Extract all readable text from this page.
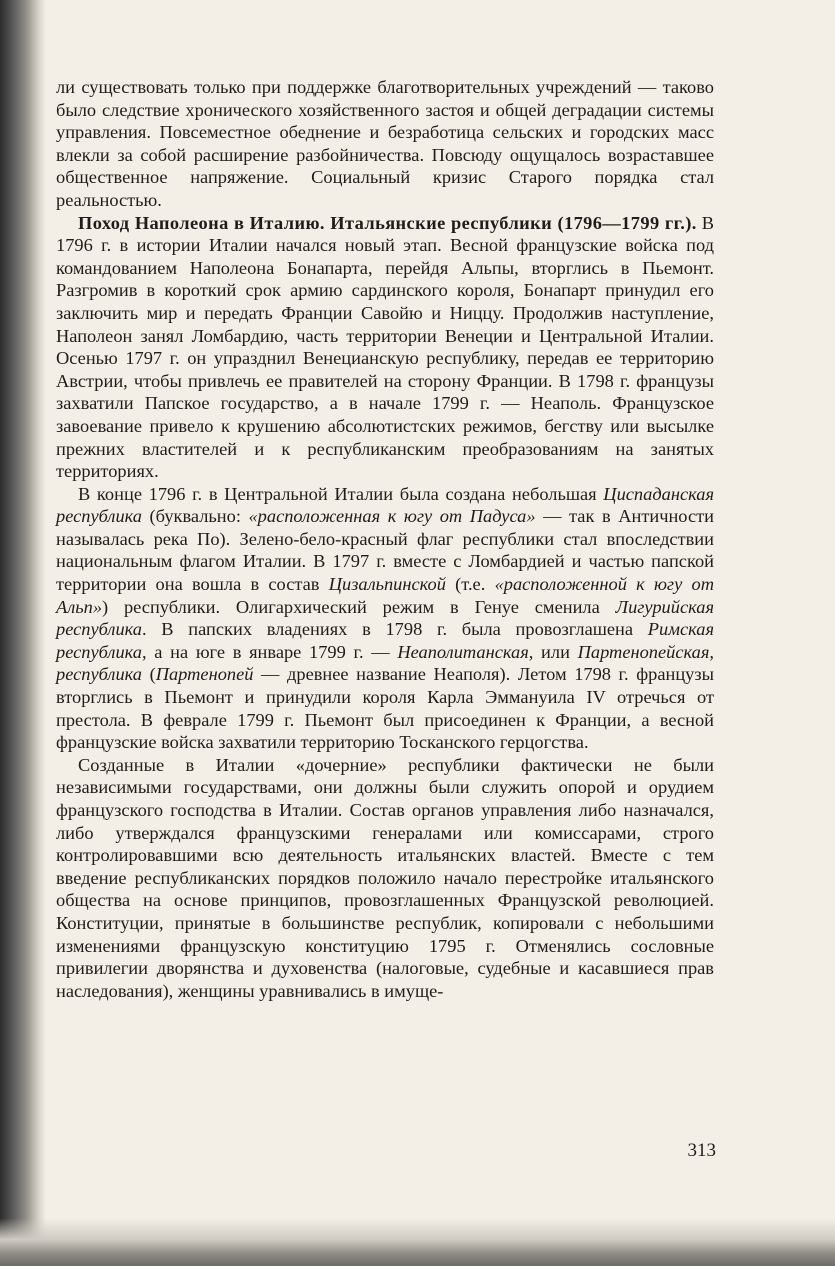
ли существовать только при поддержке благотворительных учреждений — таково было следствие хронического хозяйственного застоя и общей деградации системы управления. Повсеместное обеднение и безработица сельских и городских масс влекли за собой расширение разбойничества. Повсюду ощущалось возраставшее общественное напряжение. Социальный кризис Старого порядка стал реальностью.

Поход Наполеона в Италию. Итальянские республики (1796—1799 гг.). В 1796 г. в истории Италии начался новый этап. Весной французские войска под командованием Наполеона Бонапарта, перейдя Альпы, вторглись в Пьемонт. Разгромив в короткий срок армию сардинского короля, Бонапарт принудил его заключить мир и передать Франции Савойю и Ниццу. Продолжив наступление, Наполеон занял Ломбардию, часть территории Венеции и Центральной Италии. Осенью 1797 г. он упразднил Венецианскую республику, передав ее территорию Австрии, чтобы привлечь ее правителей на сторону Франции. В 1798 г. французы захватили Папское государство, а в начале 1799 г. — Неаполь. Французское завоевание привело к крушению абсолютистских режимов, бегству или высылке прежних властителей и к республиканским преобразованиям на занятых территориях.

В конце 1796 г. в Центральной Италии была создана небольшая Циспаданская республика (буквально: «расположенная к югу от Падуса» — так в Античности называлась река По). Зелено-бело-красный флаг республики стал впоследствии национальным флагом Италии. В 1797 г. вместе с Ломбардией и частью папской территории она вошла в состав Цизальпинской (т.е. «расположенной к югу от Альп») республики. Олигархический режим в Генуе сменила Лигурийская республика. В папских владениях в 1798 г. была провозглашена Римская республика, а на юге в январе 1799 г. — Неаполитанская, или Партенопейская, республика (Партенопей — древнее название Неаполя). Летом 1798 г. французы вторглись в Пьемонт и принудили короля Карла Эммануила IV отречься от престола. В феврале 1799 г. Пьемонт был присоединен к Франции, а весной французские войска захватили территорию Тосканского герцогства.

Созданные в Италии «дочерние» республики фактически не были независимыми государствами, они должны были служить опорой и орудием французского господства в Италии. Состав органов управления либо назначался, либо утверждался французскими генералами или комиссарами, строго контролировавшими всю деятельность итальянских властей. Вместе с тем введение республиканских порядков положило начало перестройке итальянского общества на основе принципов, провозглашенных Французской революцией. Конституции, принятые в большинстве республик, копировали с небольшими изменениями французскую конституцию 1795 г. Отменялись сословные привилегии дворянства и духовенства (налоговые, судебные и касавшиеся прав наследования), женщины уравнивались в имуще-

313
